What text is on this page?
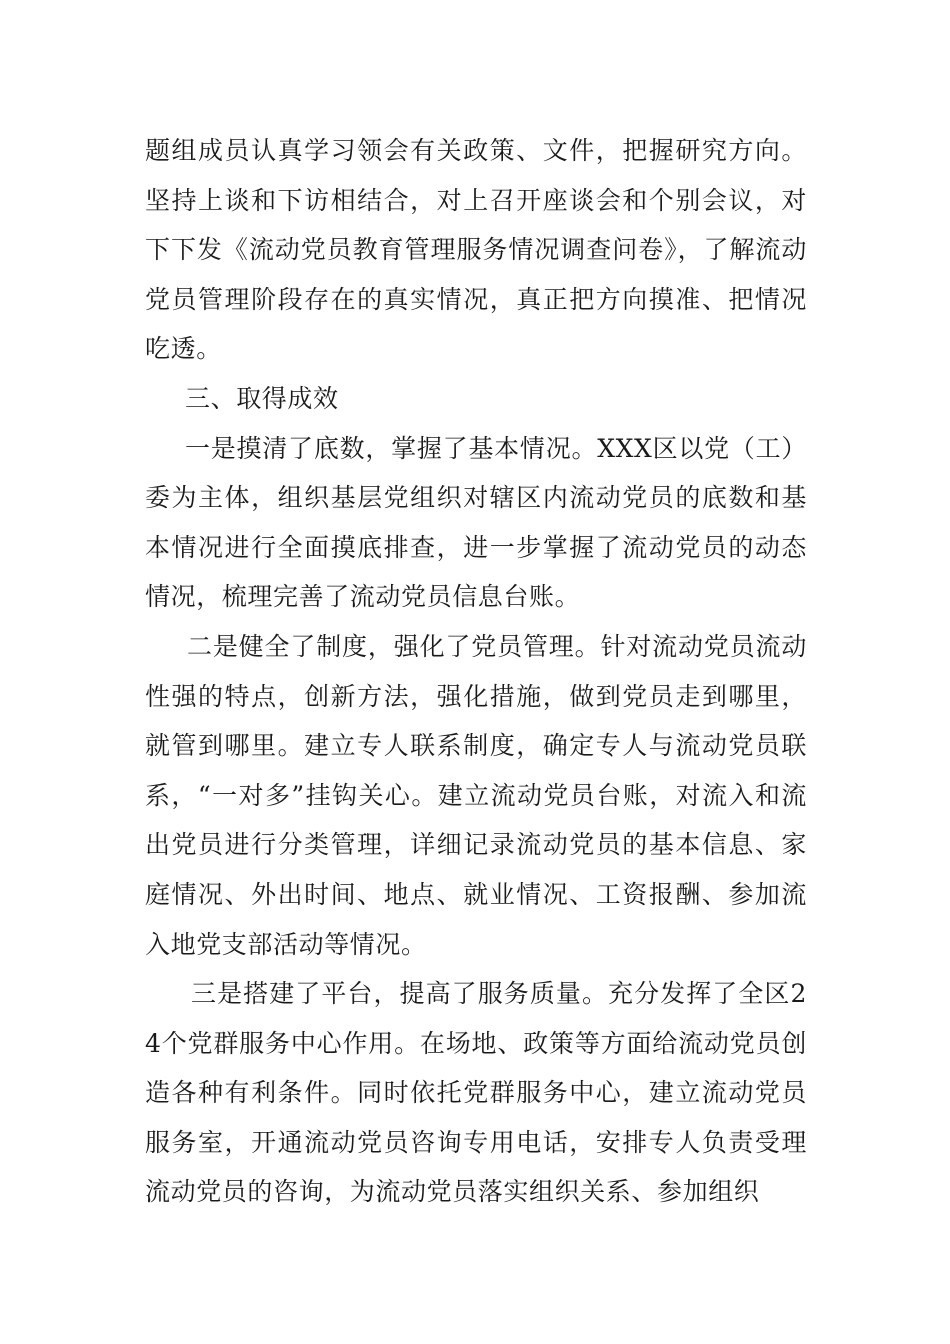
题组成员认真学习领会有关政策、文件，把握研究方向。坚持上谈和下访相结合，对上召开座谈会和个别会议，对下下发《流动党员教育管理服务情况调查问卷》，了解流动党员管理阶段存在的真实情况，真正把方向摸准、把情况吃透。

三、取得成效

一是摸清了底数，掌握了基本情况。XXX区以党（工）委为主体，组织基层党组织对辖区内流动党员的底数和基本情况进行全面摸底排查，进一步掌握了流动党员的动态情况，梳理完善了流动党员信息台账。

二是健全了制度，强化了党员管理。针对流动党员流动性强的特点，创新方法，强化措施，做到党员走到哪里，就管到哪里。建立专人联系制度，确定专人与流动党员联系，“一对多”挂钩关心。建立流动党员台账，对流入和流出党员进行分类管理，详细记录流动党员的基本信息、家庭情况、外出时间、地点、就业情况、工资报酬、参加流入地党支部活动等情况。

三是搭建了平台，提高了服务质量。充分发挥了全区24个党群服务中心作用。在场地、政策等方面给流动党员创造各种有利条件。同时依托党群服务中心，建立流动党员服务室，开通流动党员咨询专用电话，安排专人负责受理流动党员的咨询，为流动党员落实组织关系、参加组织
